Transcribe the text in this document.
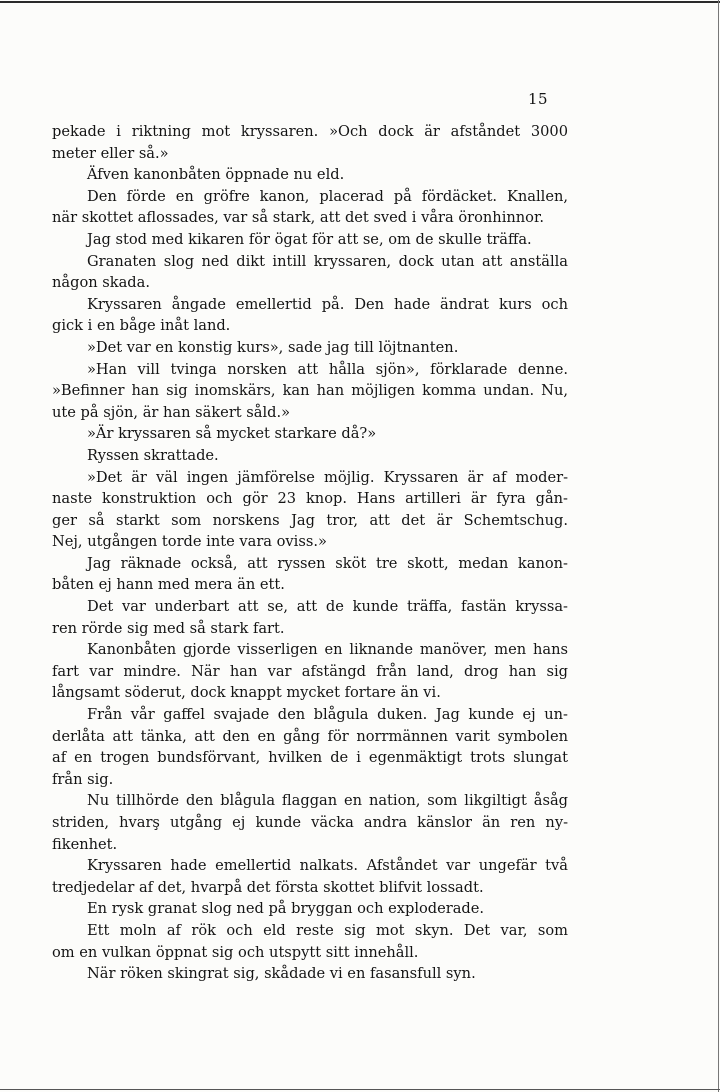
15
pekade i riktning mot kryssaren. »Och dock är afståndet 3000
meter eller så.»
Äfven kanonbåten öppnade nu eld.
Den förde en gröfre kanon, placerad på fördäcket. Knallen,
när skottet aflossades, var så stark, att det sved i våra öronhinnor.
Jag stod med kikaren för ögat för att se, om de skulle träffa.
Granaten slog ned dikt intill kryssaren, dock utan att anställa
någon skada.
Kryssaren ångade emellertid på. Den hade ändrat kurs och
gick i en båge inåt land.
»Det var en konstig kurs», sade jag till löjtnanten.
»Han vill tvinga norsken att hålla sjön», förklarade denne.
»Befinner han sig inomskärs, kan han möjligen komma undan. Nu,
ute på sjön, är han säkert såld.»
»Är kryssaren så mycket starkare då?»
Ryssen skrattade.
»Det är väl ingen jämförelse möjlig. Kryssaren är af moder-
naste konstruktion och gör 23 knop. Hans artilleri är fyra gån-
ger så starkt som norskens Jag tror, att det är Schemtschug.
Nej, utgången torde inte vara oviss.»
Jag räknade också, att ryssen sköt tre skott, medan kanon-
båten ej hann med mera än ett.
Det var underbart att se, att de kunde träffa, fastän kryssa-
ren rörde sig med så stark fart.
Kanonbåten gjorde visserligen en liknande manöver, men hans
fart var mindre. När han var afstängd från land, drog han sig
långsamt söderut, dock knappt mycket fortare än vi.
Från vår gaffel svajade den blågula duken. Jag kunde ej un-
derlåta att tänka, att den en gång för norrmännen varit symbolen
af en trogen bundsförvant, hvilken de i egenmäktigt trots slungat
från sig.
Nu tillhörde den blågula flaggan en nation, som likgiltigt åsåg
striden, hvarş utgång ej kunde väcka andra känslor än ren ny-
fikenhet.
Kryssaren hade emellertid nalkats. Afståndet var ungefär två
tredjedelar af det, hvarpå det första skottet blifvit lossadt.
En rysk granat slog ned på bryggan och exploderade.
Ett moln af rök och eld reste sig mot skyn. Det var, som
om en vulkan öppnat sig och utspytt sitt innehåll.
När röken skingrat sig, skådade vi en fasansfull syn.
